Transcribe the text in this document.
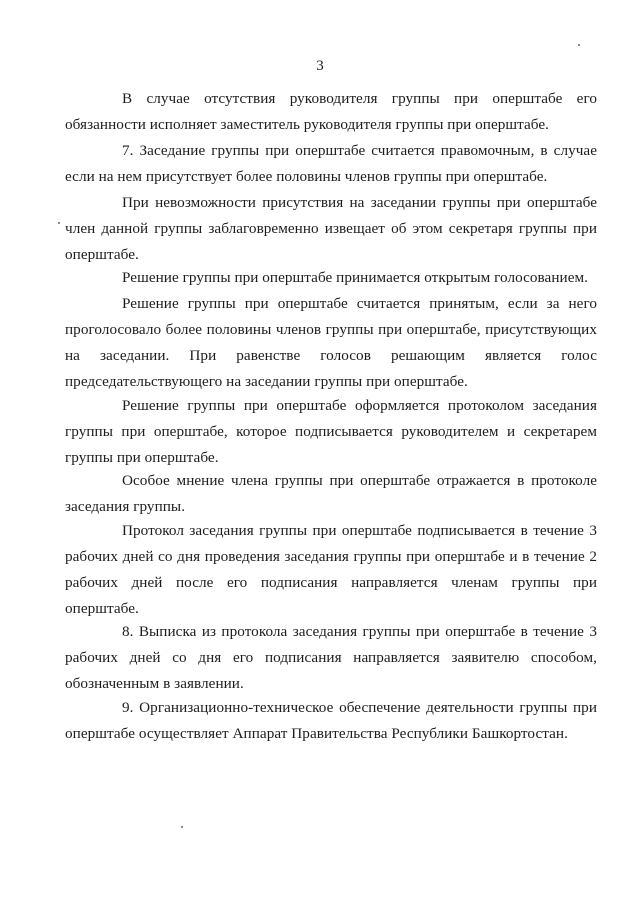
3

В случае отсутствия руководителя группы при оперштабе его обязанности исполняет заместитель руководителя группы при оперштабе.

7. Заседание группы при оперштабе считается правомочным, в случае если на нем присутствует более половины членов группы при оперштабе.

При невозможности присутствия на заседании группы при оперштабе член данной группы заблаговременно извещает об этом секретаря группы при оперштабе.

Решение группы при оперштабе принимается открытым голосованием.

Решение группы при оперштабе считается принятым, если за него проголосовало более половины членов группы при оперштабе, присутствующих на заседании. При равенстве голосов решающим является голос председательствующего на заседании группы при оперштабе.

Решение группы при оперштабе оформляется протоколом заседания группы при оперштабе, которое подписывается руководителем и секретарем группы при оперштабе.

Особое мнение члена группы при оперштабе отражается в протоколе заседания группы.

Протокол заседания группы при оперштабе подписывается в течение 3 рабочих дней со дня проведения заседания группы при оперштабе и в течение 2 рабочих дней после его подписания направляется членам группы при оперштабе.

8. Выписка из протокола заседания группы при оперштабе в течение 3 рабочих дней со дня его подписания направляется заявителю способом, обозначенным в заявлении.

9. Организационно-техническое обеспечение деятельности группы при оперштабе осуществляет Аппарат Правительства Республики Башкортостан.
